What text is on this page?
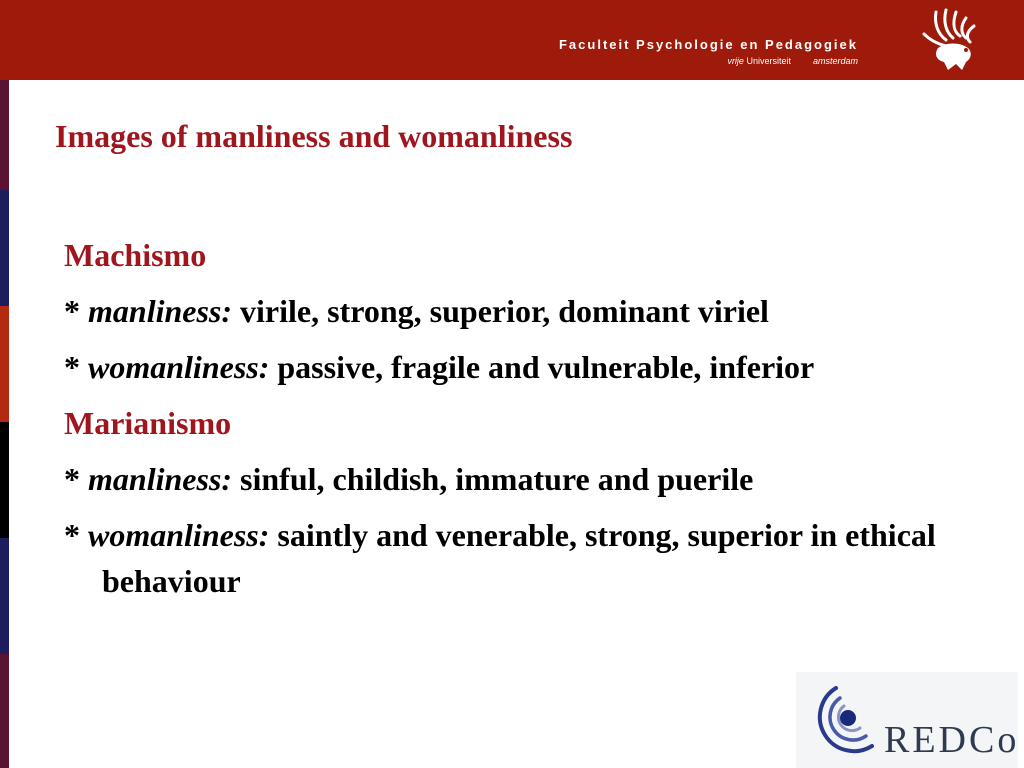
Faculteit Psychologie en Pedagogiek
vrije Universiteit amsterdam
Images of manliness and womanliness

Machismo

* manliness: virile, strong, superior, dominant viriel

* womanliness: passive, fragile and vulnerable, inferior

Marianismo

* manliness: sinful, childish, immature and puerile

* womanliness: saintly and venerable, strong, superior in ethical behaviour

REDCo
